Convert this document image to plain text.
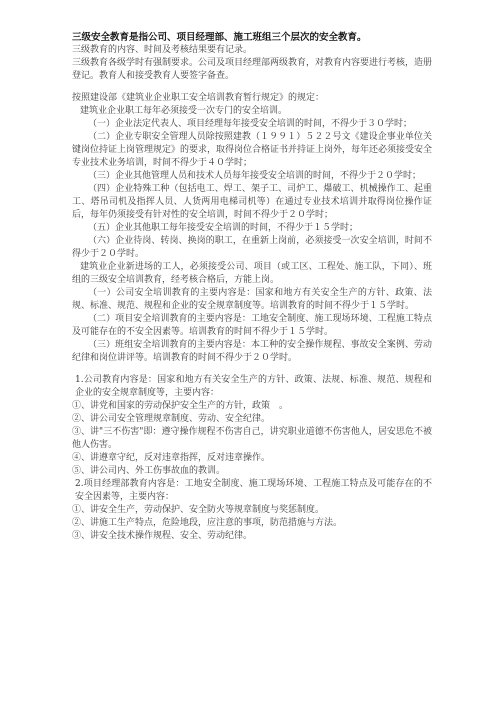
三级安全教育是指公司、项目经理部、施工班组三个层次的安全教育。

三级教育的内容、时间及考核结果要有记录。

三级教育各级学时有强制要求。公司及项目经理部两级教育，对教育内容要进行考核，造册登记。教育人和接受教育人要签字备查。

按照建设部《建筑业企业职工安全培训教育暂行规定》的规定：

建筑业企业职工每年必须接受一次专门的安全培训。

（一）企业法定代表人、项目经理每年接受安全培训的时间，不得少于３０学时；

（二）企业专职安全管理人员除按照建教（１９９１）５２２号文《建设企事业单位关键岗位持证上岗管理规定》的要求，取得岗位合格证书并持证上岗外，每年还必须接受安全专业技术业务培训，时间不得少于４０学时；

（三）企业其他管理人员和技术人员每年接受安全培训的时间，不得少于２０学时；

（四）企业特殊工种（包括电工、焊工、架子工、司炉工、爆破工、机械操作工、起重工、塔吊司机及指挥人员、人货两用电梯司机等）在通过专业技术培训并取得岗位操作证后，每年仍须接受有针对性的安全培训，时间不得少于２０学时；

（五）企业其他职工每年接受安全培训的时间，不得少于１５学时；

（六）企业待岗、转岗、换岗的职工，在重新上岗前，必须接受一次安全培训，时间不得少于２０学时。

建筑业企业新进场的工人，必须接受公司、项目（或工区、工程处、施工队，下同）、班组的三级安全培训教育，经考核合格后，方能上岗。

（一）公司安全培训教育的主要内容是：国家和地方有关安全生产的方针、政策、法规、标准、规范、规程和企业的安全规章制度等。培训教育的时间不得少于１５学时。

（二）项目安全培训教育的主要内容是：工地安全制度、施工现场环境、工程施工特点及可能存在的不安全因素等。培训教育的时间不得少于１５学时。

（三）班组安全培训教育的主要内容是：本工种的安全操作规程、事故安全案例、劳动纪律和岗位讲评等。培训教育的时间不得少于２０学时。

1.公司教育内容是：国家和地方有关安全生产的方针、政策、法规、标准、规范、规程和企业的安全规章制度等，主要内容：

①、讲党和国家的劳动保护安全生产的方针，政策　。

②、讲公司安全管理规章制度、劳动、安全纪律。

③、讲"三不伤害"即：遵守操作规程不伤害自己，讲究职业道德不伤害他人，居安思危不被他人伤害。

④、讲遵章守纪，反对违章指挥，反对违章操作。

⑤、讲公司内、外工伤事故血的教训。

2.项目经理部教育内容是：工地安全制度、施工现场环境、工程施工特点及可能存在的不安全因素等，主要内容：

①、讲安全生产，劳动保护、安全防火等规章制度与奖惩制度。

②、讲施工生产特点，危险地段，应注意的事项，防范措施与方法。

③、讲安全技术操作规程、安全、劳动纪律。
